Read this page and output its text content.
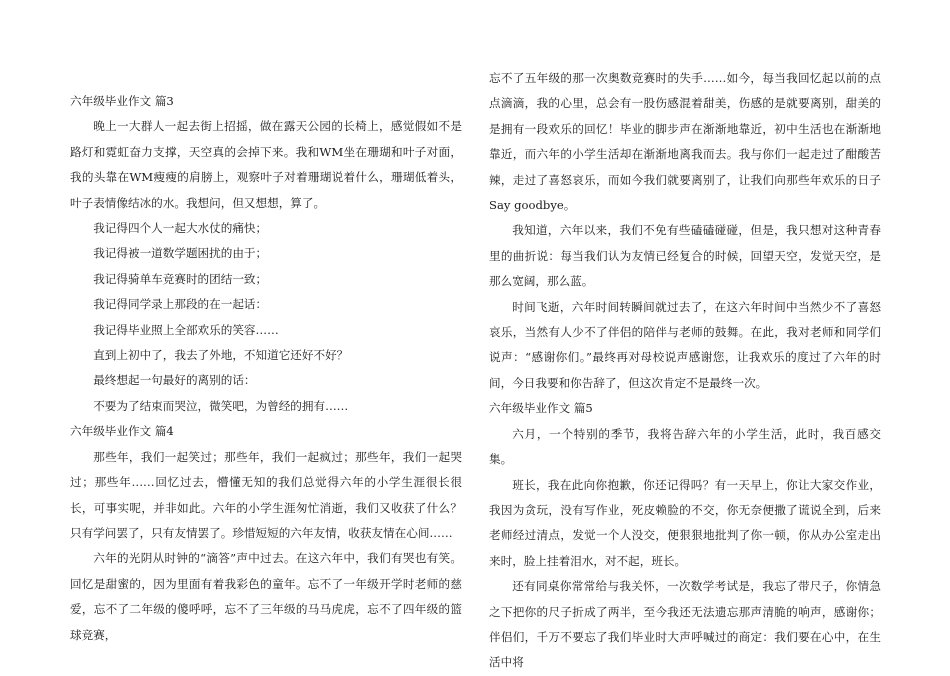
六年级毕业作文 篇3

晚上一大群人一起去街上招摇，做在露天公园的长椅上，感觉假如不是路灯和霓虹奋力支撑，天空真的会掉下来。我和WM坐在珊瑚和叶子对面，我的头靠在WM瘦瘦的肩膀上，观察叶子对着珊瑚说着什么，珊瑚低着头，叶子表情像结冰的水。我想问，但又想想，算了。

我记得四个人一起大水仗的痛快；

我记得被一道数学题困扰的由于；

我记得骑单车竞赛时的团结一致；

我记得同学录上那段的在一起话：

我记得毕业照上全部欢乐的笑容……

直到上初中了，我去了外地，不知道它还好不好？

最终想起一句最好的离别的话：

不要为了结束而哭泣，微笑吧，为曾经的拥有……

六年级毕业作文 篇4

那些年，我们一起笑过；那些年，我们一起疯过；那些年，我们一起哭过；那些年……回忆过去，懵懂无知的我们总觉得六年的小学生涯很长很长，可事实呢，并非如此。六年的小学生涯匆忙消逝，我们又收获了什么？只有学问罢了，只有友情罢了。珍惜短短的六年友情，收获友情在心间……

六年的光阴从时钟的“滴答”声中过去。在这六年中，我们有哭也有笑。回忆是甜蜜的，因为里面有着我彩色的童年。忘不了一年级开学时老师的慈爱，忘不了二年级的傻呼呼，忘不了三年级的马马虎虎，忘不了四年级的篮球竞赛，

忘不了五年级的那一次奥数竞赛时的失手……如今，每当我回忆起以前的点点滴滴，我的心里，总会有一股伤感混着甜美，伤感的是就要离别，甜美的是拥有一段欢乐的回忆！毕业的脚步声在渐渐地靠近，初中生活也在渐渐地靠近，而六年的小学生活却在渐渐地离我而去。我与你们一起走过了酣酸苦辣，走过了喜怒哀乐，而如今我们就要离别了，让我们向那些年欢乐的日子Say goodbye。

我知道，六年以来，我们不免有些磕磕碰碰，但是，我只想对这种青春里的曲折说：每当我们认为友情已经复合的时候，回望天空，发觉天空，是那么宽阔，那么蓝。

时间飞逝，六年时间转瞬间就过去了，在这六年时间中当然少不了喜怒哀乐，当然有人少不了伴侣的陪伴与老师的鼓舞。在此，我对老师和同学们说声：“感谢你们。”最终再对母校说声感谢您，让我欢乐的度过了六年的时间，今日我要和你告辞了，但这次肯定不是最终一次。

六年级毕业作文 篇5

六月，一个特别的季节，我将告辞六年的小学生活，此时，我百感交集。

班长，我在此向你抱歉，你还记得吗？有一天早上，你让大家交作业，我因为贪玩，没有写作业，死皮赖脸的不交，你无奈便撒了谎说全到，后来老师经过清点，发觉一个人没交，便狠狠地批判了你一顿，你从办公室走出来时，脸上挂着泪水，对不起，班长。

还有同桌你常常给与我关怀，一次数学考试是，我忘了带尺子，你情急之下把你的尺子折成了两半，至今我还无法遗忘那声清脆的响声，感谢你；伴侣们，千万不要忘了我们毕业时大声呼喊过的商定：我们要在心中，在生活中将
